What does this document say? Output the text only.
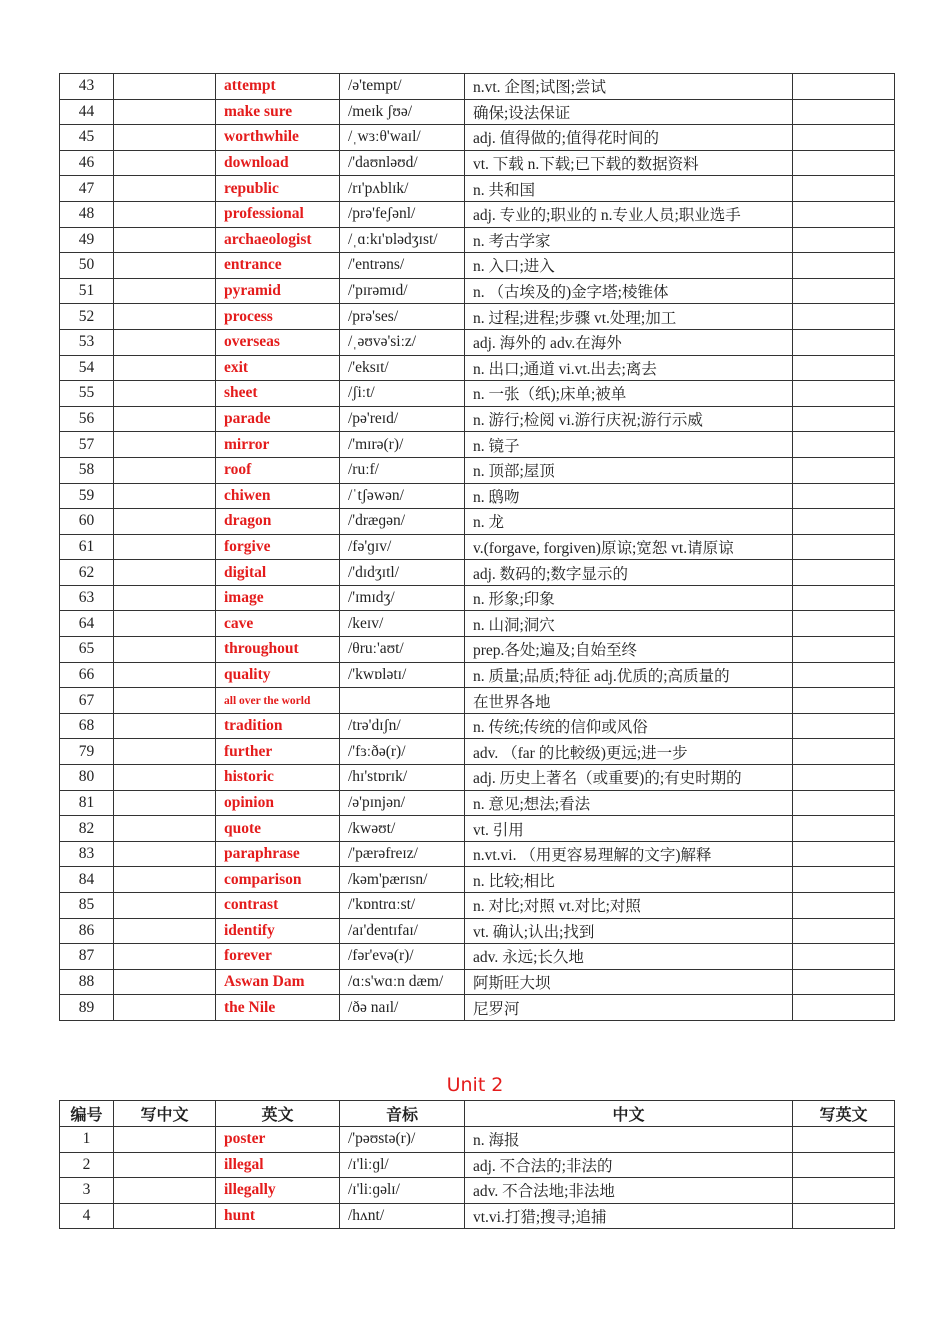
43		attempt	/ə'tempt/	n.vt. 企图;试图;尝试	
44		make sure	/meɪk ʃʊə/	确保;设法保证	
45		worthwhile	/ˌwɜːθ'waɪl/	adj. 值得做的;值得花时间的	
46		download	/'daʊnləʊd/	vt. 下载 n.下载;已下载的数据资料	
47		republic	/rɪ'pʌblɪk/	n. 共和国	
48		professional	/prə'feʃənl/	adj. 专业的;职业的 n.专业人员;职业选手	
49		archaeologist	/ˌɑːkɪ'ɒlədʒɪst/	n. 考古学家	
50		entrance	/'entrəns/	n. 入口;进入	
51		pyramid	/'pɪrəmɪd/	n. （古埃及的)金字塔;棱锥体	
52		process	/prə'ses/	n. 过程;进程;步骤 vt.处理;加工	
53		overseas	/ˌəʊvə'siːz/	adj. 海外的 adv.在海外	
54		exit	/'eksɪt/	n. 出口;通道 vi.vt.出去;离去	
55		sheet	/ʃiːt/	n. 一张（纸);床单;被单	
56		parade	/pə'reɪd/	n. 游行;检阅 vi.游行庆祝;游行示威	
57		mirror	/'mɪrə(r)/	n. 镜子	
58		roof	/ruːf/	n. 顶部;屋顶	
59		chiwen	/ˈtʃəwən/	n. 鸱吻	
60		dragon	/'dræɡən/	n. 龙	
61		forgive	/fə'ɡɪv/	v.(forgave, forgiven)原谅;宽恕 vt.请原谅	
62		digital	/'dɪdʒɪtl/	adj. 数码的;数字显示的	
63		image	/'ɪmɪdʒ/	n. 形象;印象	
64		cave	/keɪv/	n. 山洞;洞穴	
65		throughout	/θruː'aʊt/	prep.各处;遍及;自始至终	
66		quality	/'kwɒlətɪ/	n. 质量;品质;特征 adj.优质的;高质量的	
67		all over the world		在世界各地	
68		tradition	/trə'dɪʃn/	n. 传统;传统的信仰或风俗	
79		further	/'fɜːðə(r)/	adv. （far 的比較级)更远;进一步	
80		historic	/hɪ'stɒrɪk/	adj. 历史上著名（或重要)的;有史时期的	
81		opinion	/ə'pɪnjən/	n. 意见;想法;看法	
82		quote	/kwəʊt/	vt. 引用	
83		paraphrase	/'pærəfreɪz/	n.vt.vi. （用更容易理解的文字)解释	
84		comparison	/kəm'pærɪsn/	n. 比较;相比	
85		contrast	/'kɒntrɑːst/	n. 对比;对照 vt.对比;对照	
86		identify	/aɪ'dentɪfaɪ/	vt. 确认;认出;找到	
87		forever	/fər'evə(r)/	adv. 永远;长久地	
88		Aswan Dam	/ɑːs'wɑːn dæm/	阿斯旺大坝	
89		the Nile	/ðə naɪl/	尼罗河	
Unit 2
编号	写中文	英文	音标	中文	写英文
1		poster	/'pəʊstə(r)/	n. 海报	
2		illegal	/ɪ'liːɡl/	adj. 不合法的;非法的	
3		illegally	/ɪ'liːɡəlɪ/	adv. 不合法地;非法地	
4		hunt	/hʌnt/	vt.vi.打猎;搜寻;追捕	
